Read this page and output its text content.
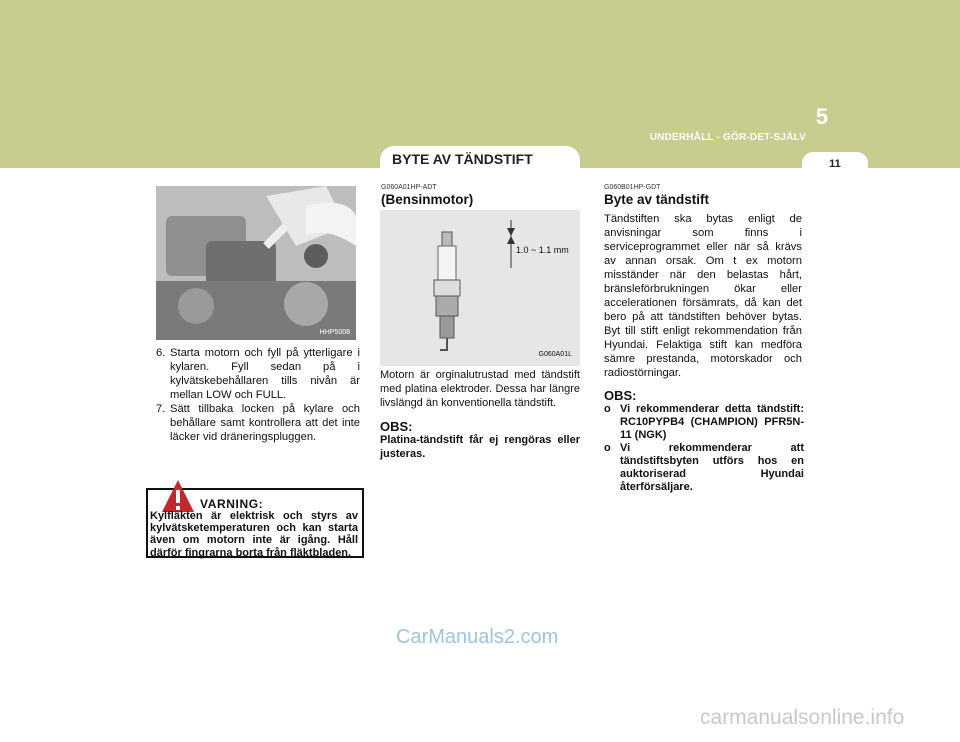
5
UNDERHÅLL - GÖR-DET-SJÄLV
11
BYTE AV TÄNDSTIFT
HHP5008
6. Starta motorn och fyll på ytterligare i kylaren. Fyll sedan på i kylvätskebehållaren tills nivån är mellan LOW och FULL.
7. Sätt tillbaka locken på kylare och behållare samt kontrollera att det inte läcker vid dräneringspluggen.
VARNING:
Kylfläkten är elektrisk och styrs av kylvätsketemperaturen och kan starta även om motorn inte är igång. Håll därför fingrarna borta från fläktbladen.
G060A01HP-ADT
(Bensinmotor)
1.0 ~ 1.1 mm
G060A01L
Motorn är orginalutrustad med tändstift med platina elektroder. Dessa har längre livslängd än konventionella tändstift.
OBS:
Platina-tändstift får ej rengöras eller justeras.
G060B01HP-GDT
Byte av tändstift
Tändstiften ska bytas enligt de anvisningar som finns i serviceprogrammet eller när så krävs av annan orsak. Om t ex motorn misständer när den belastas hårt, bränsleförbrukningen ökar eller accelerationen försämrats, då kan det bero på att tändstiften behöver bytas. Byt till stift enligt rekommendation från Hyundai. Felaktiga stift kan medföra sämre prestanda, motorskador och radiostörningar.
OBS:
o Vi rekommenderar detta tändstift: RC10PYPB4 (CHAMPION) PFR5N-11 (NGK)
o Vi rekommenderar att tändstiftsbyten utförs hos en auktoriserad Hyundai återförsäljare.
CarManuals2.com
carmanualsonline.info
